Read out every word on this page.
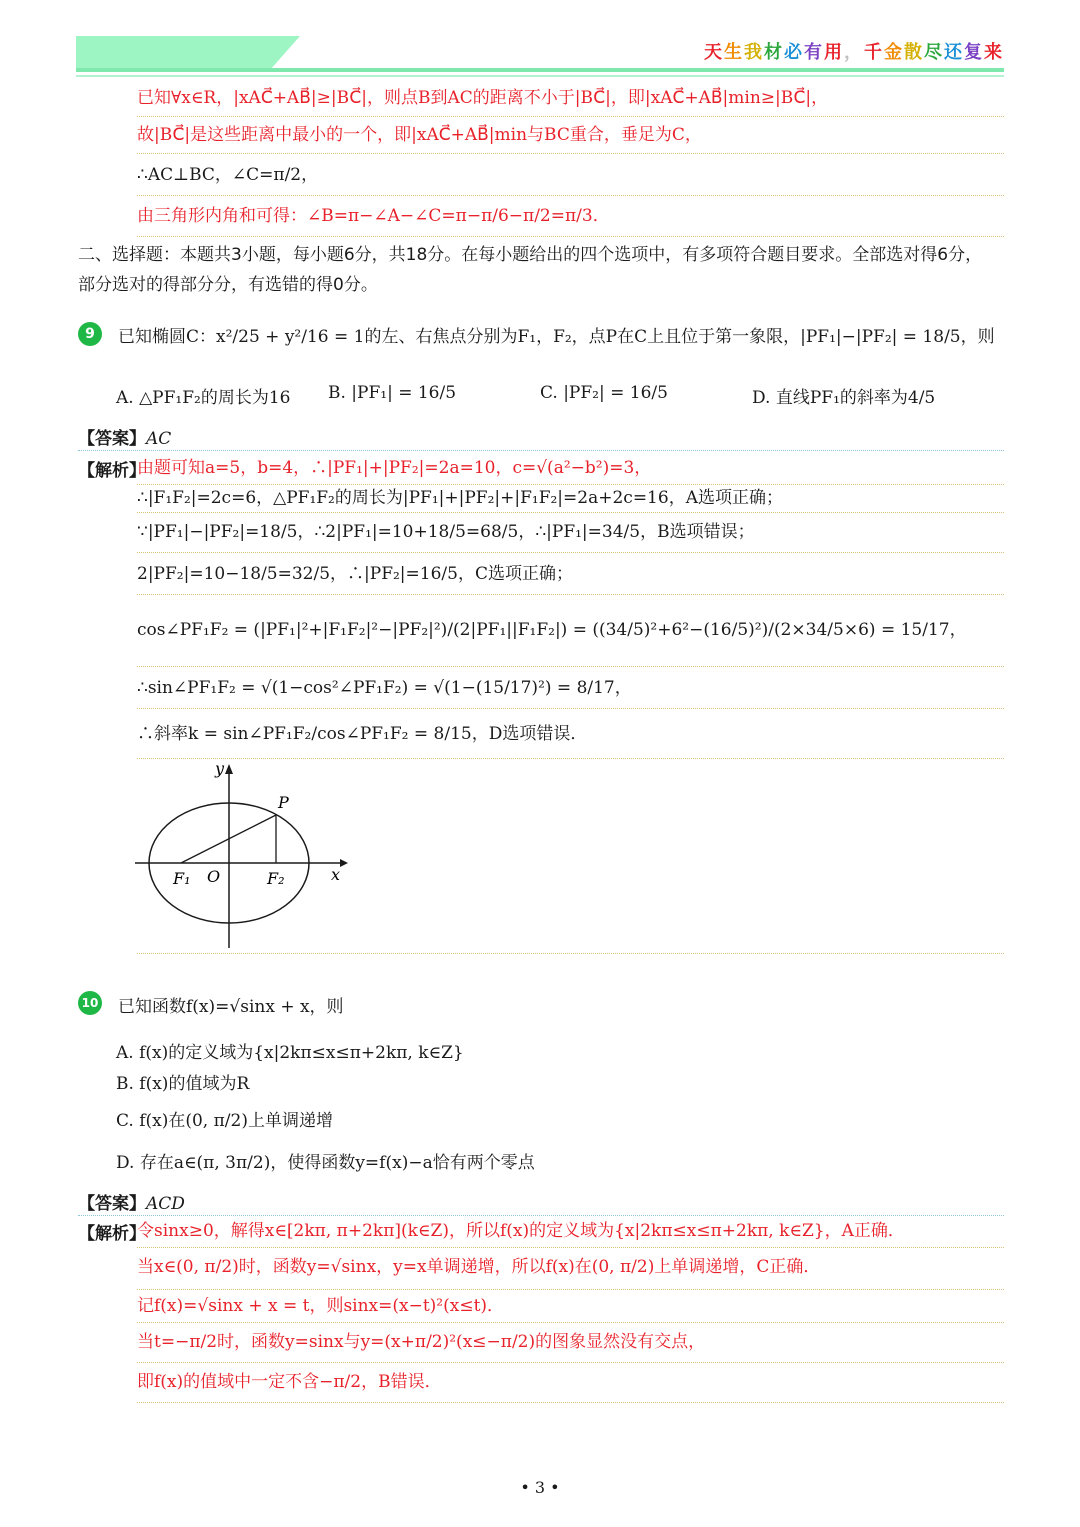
天生我材必有用，千金散尽还复来
已知∀x∈R，|xAC⃗+AB⃗|≥|BC⃗|，则点B到AC的距离不小于|BC⃗|，即|xAC⃗+AB⃗|min≥|BC⃗|，
故|BC⃗|是这些距离中最小的一个，即|xAC⃗+AB⃗|min与BC重合，垂足为C，
∴AC⊥BC，∠C=π/2，
由三角形内角和可得：∠B=π−∠A−∠C=π−π/6−π/2=π/3．
二、选择题：本题共3小题，每小题6分，共18分。在每小题给出的四个选项中，有多项符合题目要求。全部选对得6分，部分选对的得部分分，有选错的得0分。
9	已知椭圆C：x²/25 + y²/16 = 1的左、右焦点分别为F₁，F₂，点P在C上且位于第一象限，|PF₁|−|PF₂| = 18/5，则
A. △PF₁F₂的周长为16 B. |PF₁| = 16/5	C. |PF₂| = 16/5	D. 直线PF₁的斜率为4/5
【答案】AC
【解析】
由题可知a=5，b=4，∴|PF₁|+|PF₂|=2a=10，c=√(a²−b²)=3，
∴|F₁F₂|=2c=6，△PF₁F₂的周长为|PF₁|+|PF₂|+|F₁F₂|=2a+2c=16，A选项正确；
∵|PF₁|−|PF₂|=18/5，∴2|PF₁|=10+18/5=68/5，∴|PF₁|=34/5，B选项错误；
2|PF₂|=10−18/5=32/5，∴|PF₂|=16/5，C选项正确；
cos∠PF₁F₂ = (|PF₁|²+|F₁F₂|²−|PF₂|²)/(2|PF₁||F₁F₂|) = ((34/5)²+6²−(16/5)²)/(2×34/5×6) = 15/17，
∴sin∠PF₁F₂ = √(1−cos²∠PF₁F₂) = √(1−(15/17)²) = 8/17，
∴斜率k = sin∠PF₁F₂/cos∠PF₁F₂ = 8/15，D选项错误．
y
x
P
F₁ O	F₂
10 已知函数f(x)=√sinx + x，则
A. f(x)的定义域为{x|2kπ≤x≤π+2kπ, k∈Z}
B. f(x)的值域为R
C. f(x)在(0, π/2)上单调递增
D. 存在a∈(π, 3π/2)，使得函数y=f(x)−a恰有两个零点
【答案】ACD
【解析】
令sinx≥0，解得x∈[2kπ, π+2kπ](k∈Z)，所以f(x)的定义域为{x|2kπ≤x≤π+2kπ, k∈Z}，A正确．
当x∈(0, π/2)时，函数y=√sinx，y=x单调递增，所以f(x)在(0, π/2)上单调递增，C正确．
记f(x)=√sinx + x = t，则sinx=(x−t)²(x≤t)．
当t=−π/2时，函数y=sinx与y=(x+π/2)²(x≤−π/2)的图象显然没有交点，
即f(x)的值域中一定不含−π/2，B错误．
• 3 •
